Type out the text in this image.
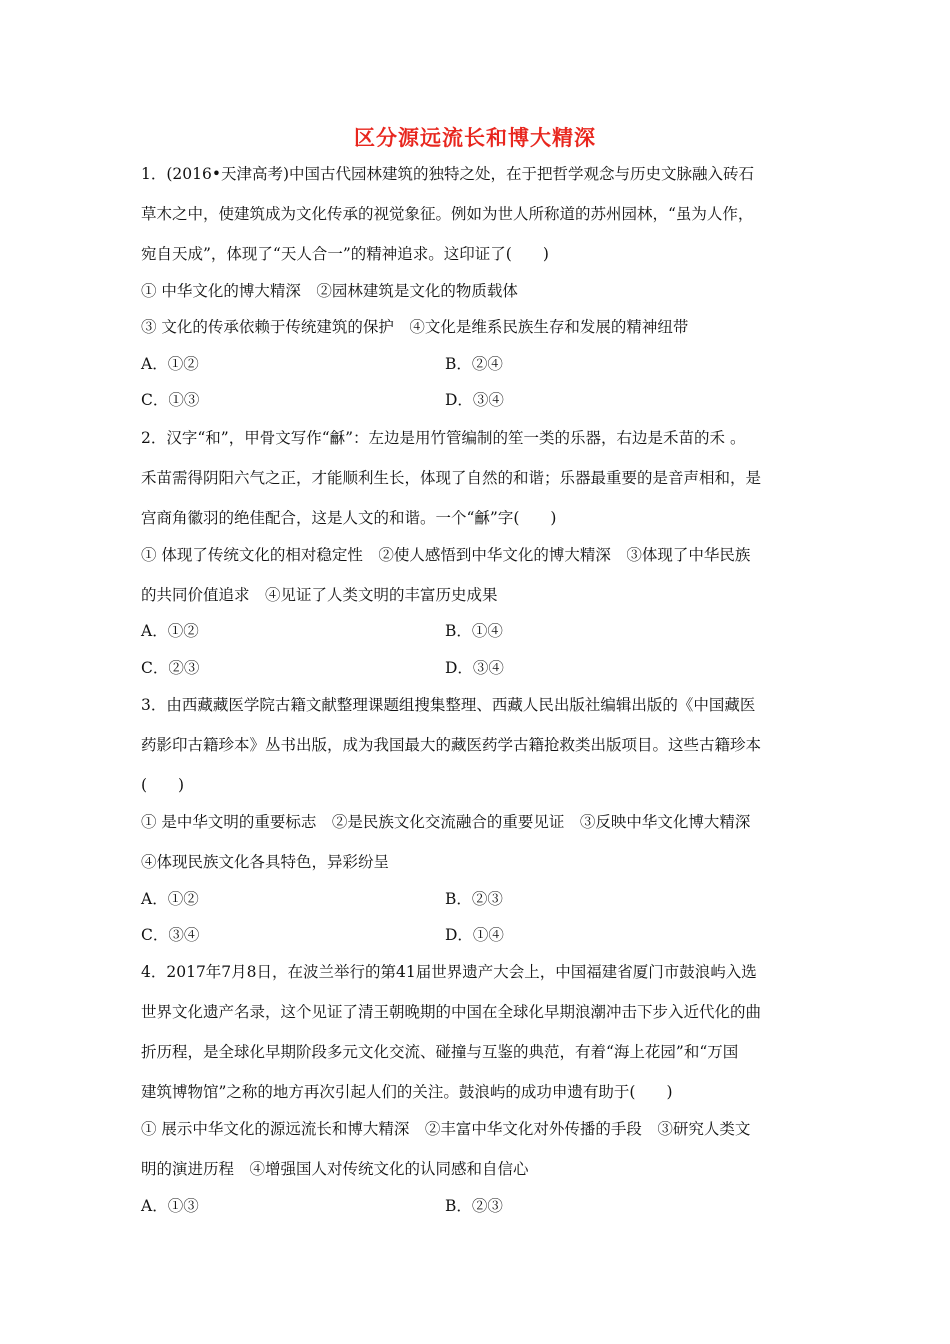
区分源远流长和博大精深
1．(2016•天津高考)中国古代园林建筑的独特之处，在于把哲学观念与历史文脉融入砖石
草木之中，使建筑成为文化传承的视觉象征。例如为世人所称道的苏州园林，“虽为人作，
宛自天成”，体现了“天人合一”的精神追求。这印证了(　　)
① 中华文化的博大精深　②园林建筑是文化的物质载体
③ 文化的传承依赖于传统建筑的保护　④文化是维系民族生存和发展的精神纽带
A．①②	B．②④
C．①③	D．③④
2．汉字“和”，甲骨文写作“龢”：左边是用竹管编制的笙一类的乐器，右边是禾苗的禾 。
禾苗需得阴阳六气之正，才能顺利生长，体现了自然的和谐；乐器最重要的是音声相和，是
宫商角徽羽的绝佳配合，这是人文的和谐。一个“龢”字(　　)
① 体现了传统文化的相对稳定性　②使人感悟到中华文化的博大精深　③体现了中华民族
的共同价值追求　④见证了人类文明的丰富历史成果
A．①②	B．①④
C．②③	D．③④
3．由西藏藏医学院古籍文献整理课题组搜集整理、西藏人民出版社编辑出版的《中国藏医
药影印古籍珍本》丛书出版，成为我国最大的藏医药学古籍抢救类出版项目。这些古籍珍本
(　　)
① 是中华文明的重要标志　②是民族文化交流融合的重要见证　③反映中华文化博大精深
④体现民族文化各具特色，异彩纷呈
A．①②	B．②③
C．③④	D．①④
4．2017年7月8日，在波兰举行的第41届世界遗产大会上，中国福建省厦门市鼓浪屿入选
世界文化遗产名录，这个见证了清王朝晚期的中国在全球化早期浪潮冲击下步入近代化的曲
折历程，是全球化早期阶段多元文化交流、碰撞与互鉴的典范，有着“海上花园”和“万国
建筑博物馆”之称的地方再次引起人们的关注。鼓浪屿的成功申遗有助于(　　)
① 展示中华文化的源远流长和博大精深　②丰富中华文化对外传播的手段　③研究人类文
明的演进历程　④增强国人对传统文化的认同感和自信心
A．①③	B．②③
